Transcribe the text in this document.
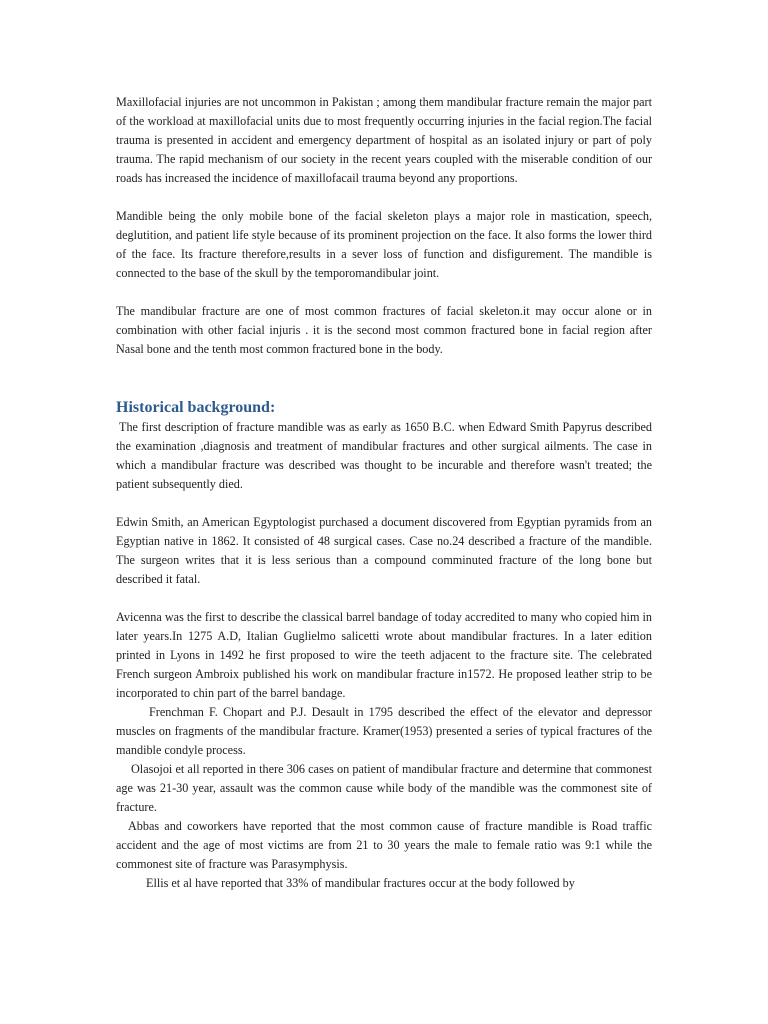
Maxillofacial injuries are not uncommon in Pakistan ; among them mandibular fracture remain the major part of the workload at maxillofacial units due to most frequently occurring injuries in the facial region.The facial trauma is presented in accident and emergency department of hospital as an isolated injury or part of poly trauma. The rapid mechanism of our society in the recent years coupled with the miserable condition of our roads has increased the incidence of maxillofacail trauma beyond any proportions.

Mandible being the only mobile bone of the facial skeleton plays a major role in mastication, speech, deglutition, and patient life style because of its prominent projection on the face. It also forms the lower third of the face. Its fracture therefore,results in a sever loss of function and disfigurement. The mandible is connected to the base of the skull by the temporomandibular joint.

The mandibular fracture are one of most common fractures of facial skeleton.it may occur alone or in combination with other facial injuris . it is the second most common fractured bone in facial region after Nasal bone and the tenth most common fractured bone in the body.

Historical background:

The first description of fracture mandible was as early as 1650 B.C. when Edward Smith Papyrus described the examination ,diagnosis and treatment of mandibular fractures and other surgical ailments. The case in which a mandibular fracture was described was thought to be incurable and therefore wasn't treated; the patient subsequently died.

Edwin Smith, an American Egyptologist purchased a document discovered from Egyptian pyramids from an Egyptian native in 1862. It consisted of 48 surgical cases. Case no.24 described a fracture of the mandible. The surgeon writes that it is less serious than a compound comminuted fracture of the long bone but described it fatal.

Avicenna was the first to describe the classical barrel bandage of today accredited to many who copied him in later years.In 1275 A.D, Italian Guglielmo salicetti wrote about mandibular fractures. In a later edition printed in Lyons in 1492 he first proposed to wire the teeth adjacent to the fracture site. The celebrated French surgeon Ambroix published his work on mandibular fracture in1572. He proposed leather strip to be incorporated to chin part of the barrel bandage.

Frenchman F. Chopart and P.J. Desault in 1795 described the effect of the elevator and depressor muscles on fragments of the mandibular fracture. Kramer(1953) presented a series of typical fractures of the mandible condyle process.

Olasojoi et all reported in there 306 cases on patient of mandibular fracture and determine that commonest age was 21-30 year, assault was the common cause while body of the mandible was the commonest site of fracture.

Abbas and coworkers have reported that the most common cause of fracture mandible is Road traffic accident and the age of most victims are from 21 to 30 years the male to female ratio was 9:1 while the commonest site of fracture was Parasymphysis.

Ellis et al have reported that 33% of mandibular fractures occur at the body followed by
